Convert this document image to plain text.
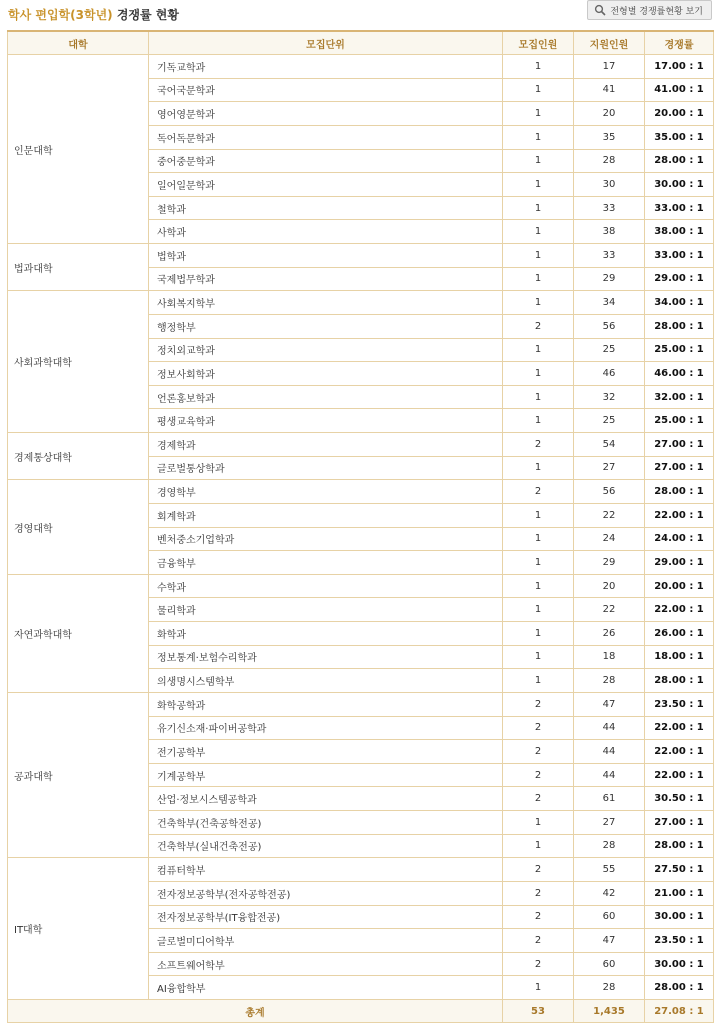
학사 편입학(3학년) 경쟁률 현황	전형별 경쟁률현황 보기
대학	모집단위	모집인원	지원인원	경쟁률
인문대학	기독교학과	1	17	17.00 : 1
	국어국문학과	1	41	41.00 : 1
	영어영문학과	1	20	20.00 : 1
	독어독문학과	1	35	35.00 : 1
	중어중문학과	1	28	28.00 : 1
	일어일문학과	1	30	30.00 : 1
	철학과	1	33	33.00 : 1
	사학과	1	38	38.00 : 1
법과대학	법학과	1	33	33.00 : 1
	국제법무학과	1	29	29.00 : 1
사회과학대학	사회복지학부	1	34	34.00 : 1
	행정학부	2	56	28.00 : 1
	정치외교학과	1	25	25.00 : 1
	정보사회학과	1	46	46.00 : 1
	언론홍보학과	1	32	32.00 : 1
	평생교육학과	1	25	25.00 : 1
경제통상대학	경제학과	2	54	27.00 : 1
	글로벌통상학과	1	27	27.00 : 1
경영대학	경영학부	2	56	28.00 : 1
	회계학과	1	22	22.00 : 1
	벤처중소기업학과	1	24	24.00 : 1
	금융학부	1	29	29.00 : 1
자연과학대학	수학과	1	20	20.00 : 1
	물리학과	1	22	22.00 : 1
	화학과	1	26	26.00 : 1
	정보통계·보험수리학과	1	18	18.00 : 1
	의생명시스템학부	1	28	28.00 : 1
공과대학	화학공학과	2	47	23.50 : 1
	유기신소재·파이버공학과	2	44	22.00 : 1
	전기공학부	2	44	22.00 : 1
	기계공학부	2	44	22.00 : 1
	산업·정보시스템공학과	2	61	30.50 : 1
	건축학부(건축공학전공)	1	27	27.00 : 1
	건축학부(실내건축전공)	1	28	28.00 : 1
IT대학	컴퓨터학부	2	55	27.50 : 1
	전자정보공학부(전자공학전공)	2	42	21.00 : 1
	전자정보공학부(IT융합전공)	2	60	30.00 : 1
	글로벌미디어학부	2	47	23.50 : 1
	소프트웨어학부	2	60	30.00 : 1
	AI융합학부	1	28	28.00 : 1
총계		53	1,435	27.08 : 1
